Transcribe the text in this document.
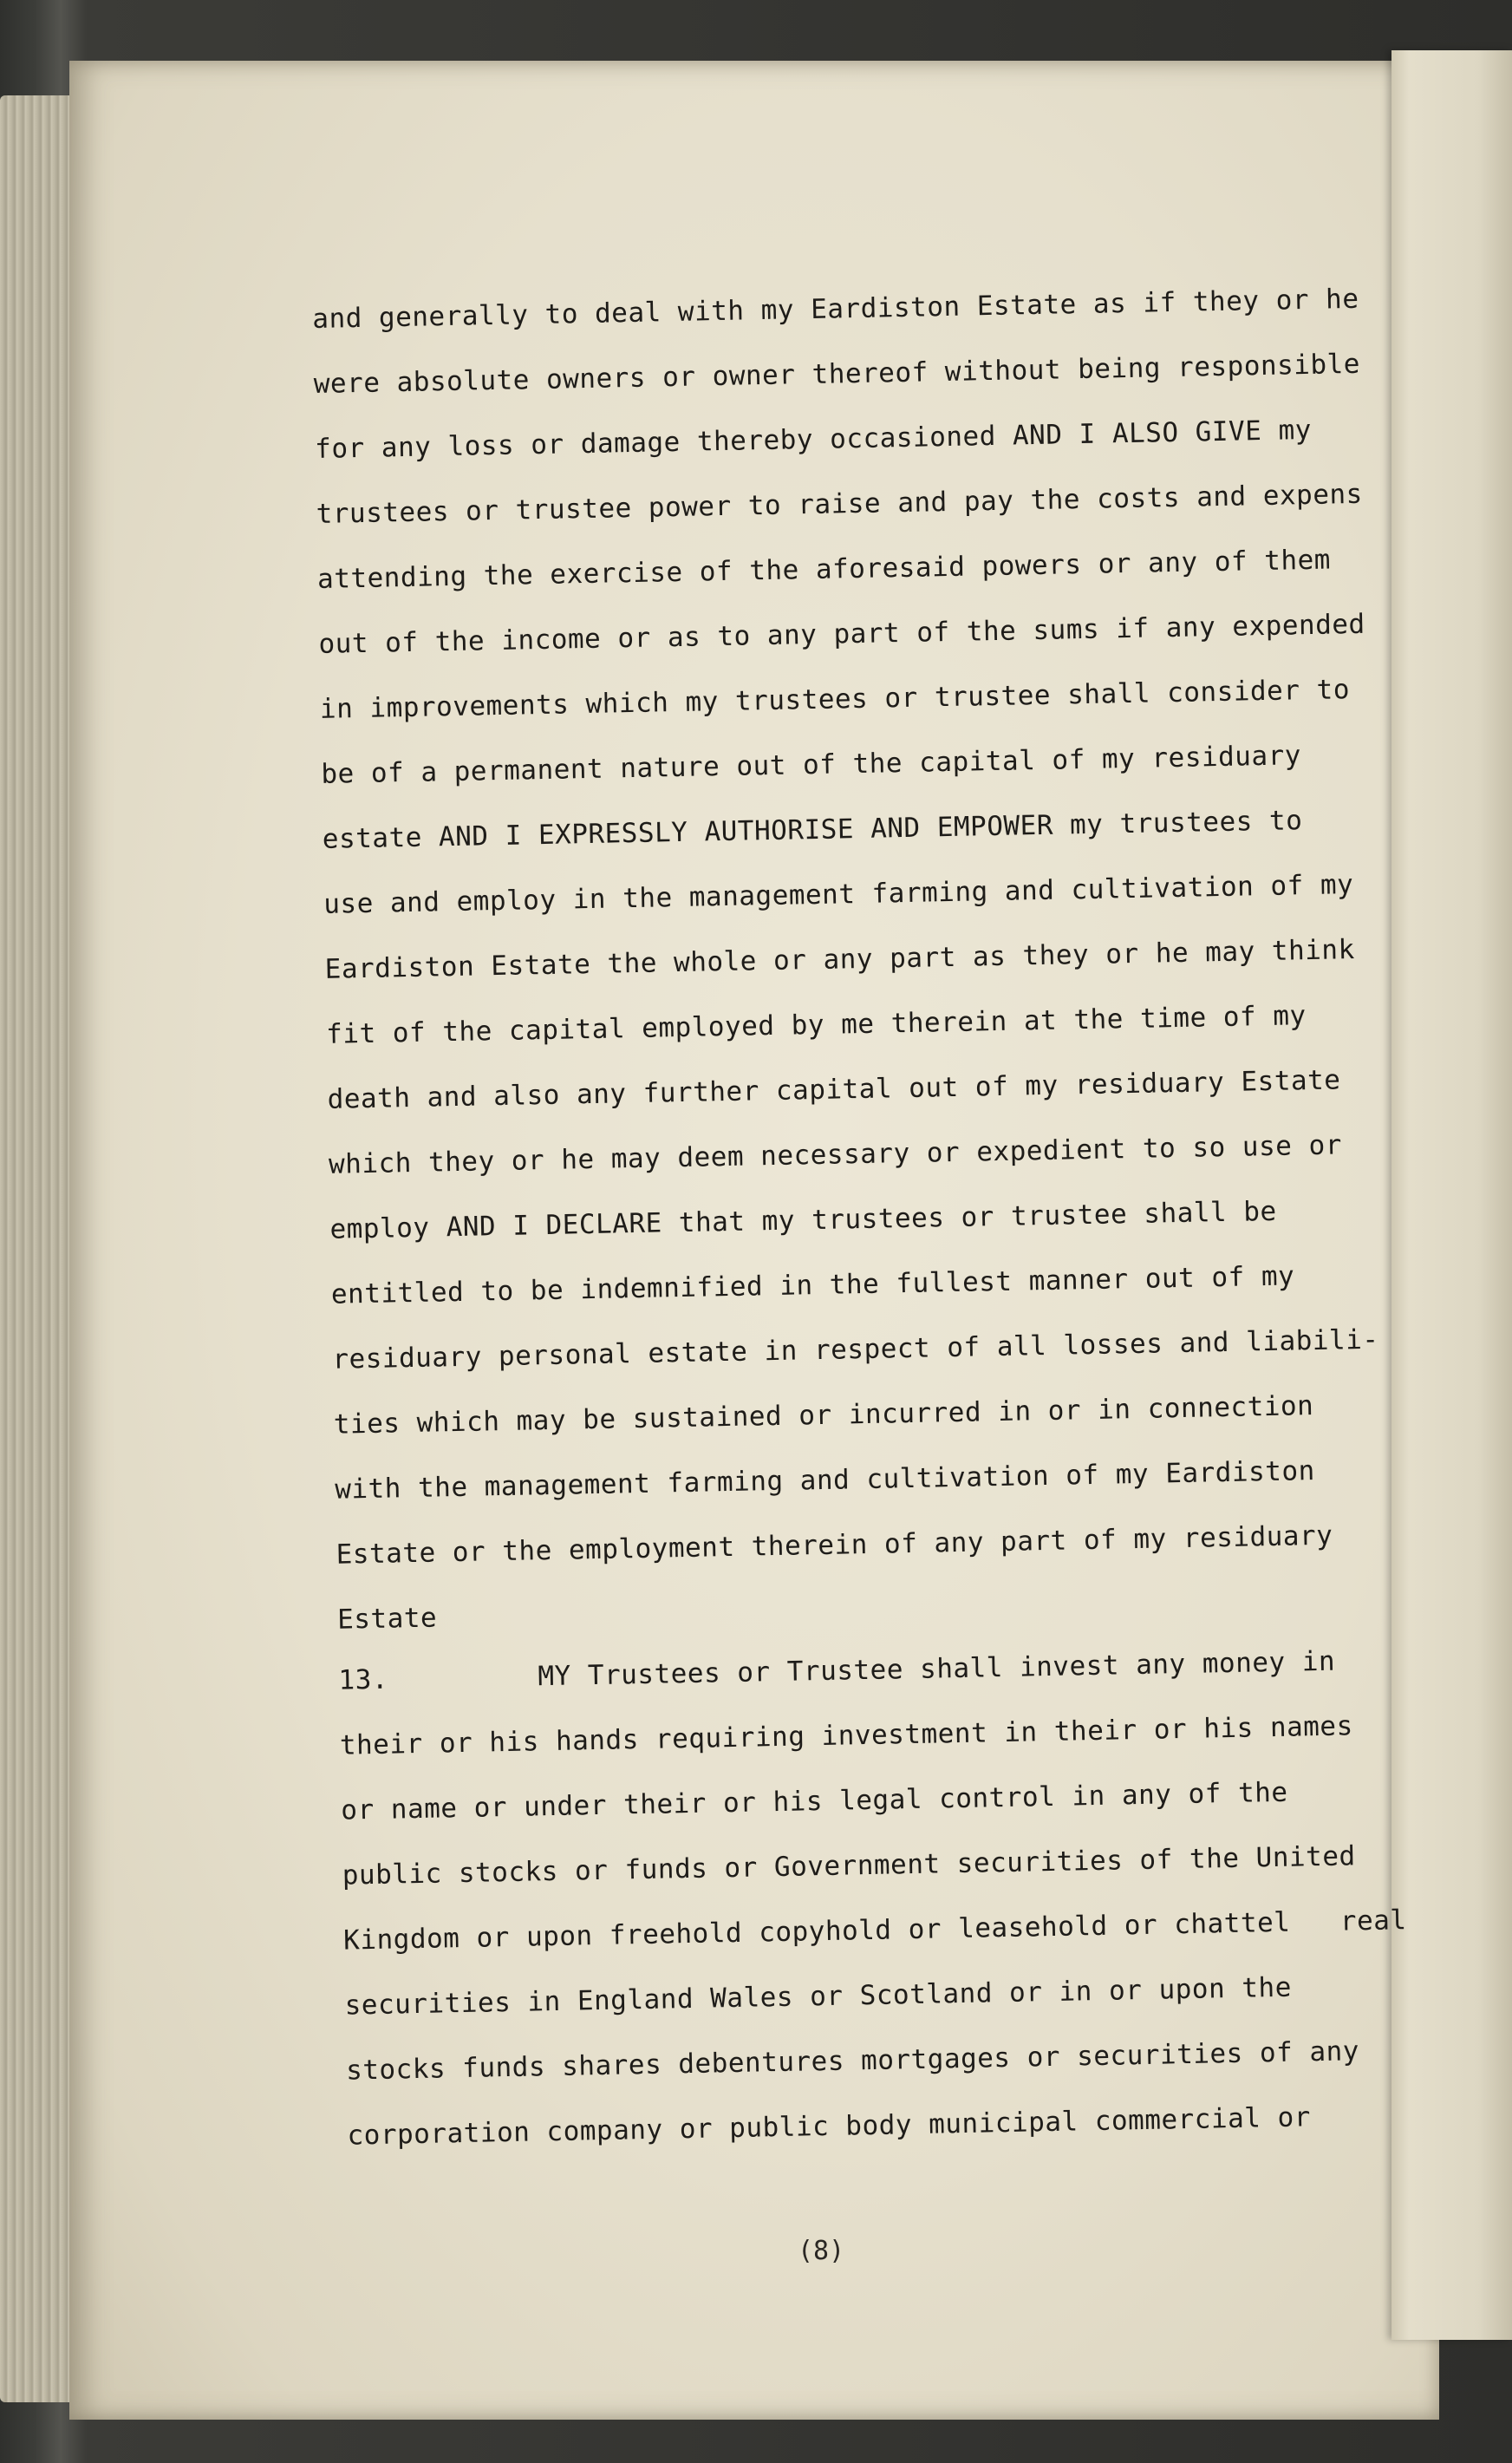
and generally to deal with my Eardiston Estate as if they or he
were absolute owners or owner thereof without being responsible
for any loss or damage thereby occasioned AND I ALSO GIVE my
trustees or trustee power to raise and pay the costs and expens
attending the exercise of the aforesaid powers or any of them
out of the income or as to any part of the sums if any expended
in improvements which my trustees or trustee shall consider to
be of a permanent nature out of the capital of my residuary
estate AND I EXPRESSLY AUTHORISE AND EMPOWER my trustees to
use and employ in the management farming and cultivation of my
Eardiston Estate the whole or any part as they or he may think
fit of the capital employed by me therein at the time of my
death and also any further capital out of my residuary Estate
which they or he may deem necessary or expedient to so use or
employ AND I DECLARE that my trustees or trustee shall be
entitled to be indemnified in the fullest manner out of my
residuary personal estate in respect of all losses and liabili-
ties which may be sustained or incurred in or in connection
with the management farming and cultivation of my Eardiston
Estate or the employment therein of any part of my residuary
Estate
13.         MY Trustees or Trustee shall invest any money in
their or his hands requiring investment in their or his names
or name or under their or his legal control in any of the
public stocks or funds or Government securities of the United
Kingdom or upon freehold copyhold or leasehold or chattel   real
securities in England Wales or Scotland or in or upon the
stocks funds shares debentures mortgages or securities of any
corporation company or public body municipal commercial or
(8)
